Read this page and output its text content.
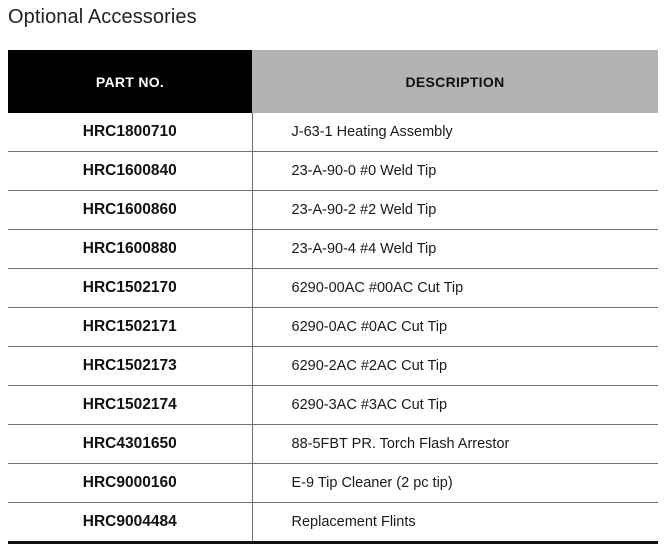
Optional Accessories
PART NO.	DESCRIPTION
HRC1800710	J-63-1 Heating Assembly
HRC1600840	23-A-90-0 #0 Weld Tip
HRC1600860	23-A-90-2 #2 Weld Tip
HRC1600880	23-A-90-4 #4 Weld Tip
HRC1502170	6290-00AC #00AC Cut Tip
HRC1502171	6290-0AC #0AC Cut Tip
HRC1502173	6290-2AC #2AC Cut Tip
HRC1502174	6290-3AC #3AC Cut Tip
HRC4301650	88-5FBT PR. Torch Flash Arrestor
HRC9000160	E-9 Tip Cleaner (2 pc tip)
HRC9004484	Replacement Flints
